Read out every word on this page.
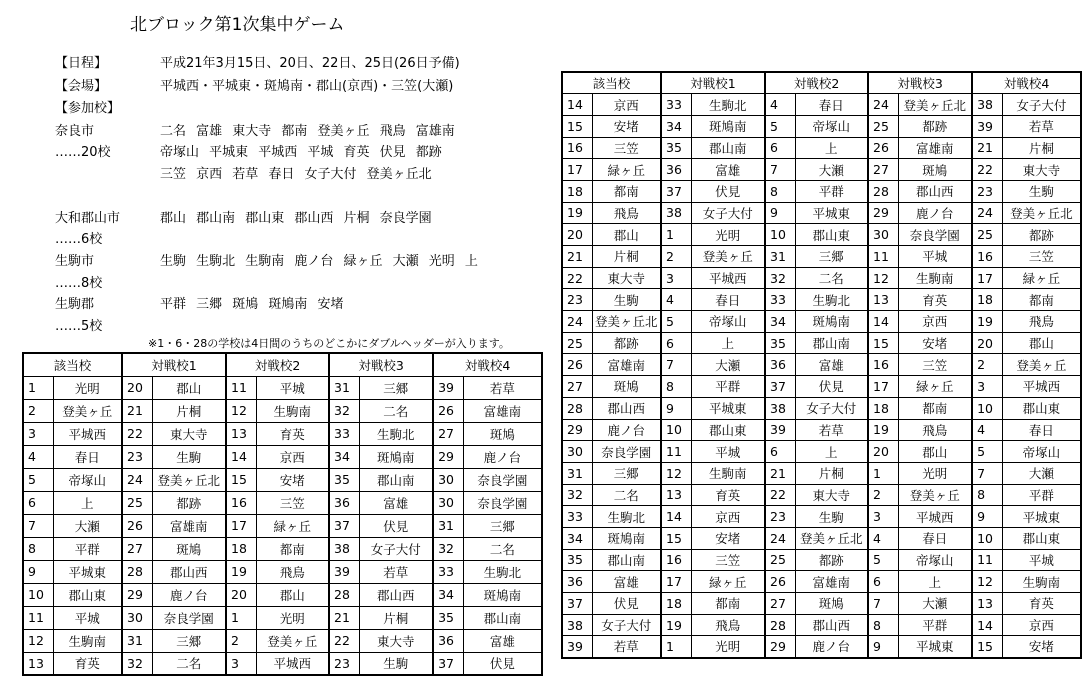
北ブロック第1次集中ゲーム
【日程】	平成21年3月15日、20日、22日、25日(26日予備)
【会場】	平城西・平城東・斑鳩南・郡山(京西)・三笠(大瀬)
【参加校】
奈良市	二名 富雄 東大寺 都南 登美ヶ丘 飛鳥 富雄南
……20校	帝塚山 平城東 平城西 平城 育英 伏見 都跡
三笠 京西 若草 春日 女子大付 登美ヶ丘北
大和郡山市	郡山 郡山南 郡山東 郡山西 片桐 奈良学園
……6校
生駒市	生駒 生駒北 生駒南 鹿ノ台 緑ヶ丘 大瀬 光明 上
……8校
生駒郡	平群 三郷 斑鳩 斑鳩南 安堵
……5校
※1・6・28の学校は4日間のうちのどこかにダブルヘッダーが入ります。
該当校		対戦校1		対戦校2		対戦校3		対戦校4	
1	光明	20	郡山	11	平城	31	三郷	39	若草
2	登美ヶ丘	21	片桐	12	生駒南	32	二名	26	富雄南
3	平城西	22	東大寺	13	育英	33	生駒北	27	斑鳩
4	春日	23	生駒	14	京西	34	斑鳩南	29	鹿ノ台
5	帝塚山	24	登美ヶ丘北	15	安堵	35	郡山南	30	奈良学園
6	上	25	都跡	16	三笠	36	富雄	30	奈良学園
7	大瀬	26	富雄南	17	緑ヶ丘	37	伏見	31	三郷
8	平群	27	斑鳩	18	都南	38	女子大付	32	二名
9	平城東	28	郡山西	19	飛鳥	39	若草	33	生駒北
10	郡山東	29	鹿ノ台	20	郡山	28	郡山西	34	斑鳩南
11	平城	30	奈良学園	1	光明	21	片桐	35	郡山南
12	生駒南	31	三郷	2	登美ヶ丘	22	東大寺	36	富雄
13	育英	32	二名	3	平城西	23	生駒	37	伏見
該当校		対戦校1		対戦校2		対戦校3		対戦校4	
14	京西	33	生駒北	4	春日	24	登美ヶ丘北	38	女子大付
15	安堵	34	斑鳩南	5	帝塚山	25	都跡	39	若草
16	三笠	35	郡山南	6	上	26	富雄南	21	片桐
17	緑ヶ丘	36	富雄	7	大瀬	27	斑鳩	22	東大寺
18	都南	37	伏見	8	平群	28	郡山西	23	生駒
19	飛鳥	38	女子大付	9	平城東	29	鹿ノ台	24	登美ヶ丘北
20	郡山	1	光明	10	郡山東	30	奈良学園	25	都跡
21	片桐	2	登美ヶ丘	31	三郷	11	平城	16	三笠
22	東大寺	3	平城西	32	二名	12	生駒南	17	緑ヶ丘
23	生駒	4	春日	33	生駒北	13	育英	18	都南
24	登美ヶ丘北	5	帝塚山	34	斑鳩南	14	京西	19	飛鳥
25	都跡	6	上	35	郡山南	15	安堵	20	郡山
26	富雄南	7	大瀬	36	富雄	16	三笠	2	登美ヶ丘
27	斑鳩	8	平群	37	伏見	17	緑ヶ丘	3	平城西
28	郡山西	9	平城東	38	女子大付	18	都南	10	郡山東
29	鹿ノ台	10	郡山東	39	若草	19	飛鳥	4	春日
30	奈良学園	11	平城	6	上	20	郡山	5	帝塚山
31	三郷	12	生駒南	21	片桐	1	光明	7	大瀬
32	二名	13	育英	22	東大寺	2	登美ヶ丘	8	平群
33	生駒北	14	京西	23	生駒	3	平城西	9	平城東
34	斑鳩南	15	安堵	24	登美ヶ丘北	4	春日	10	郡山東
35	郡山南	16	三笠	25	都跡	5	帝塚山	11	平城
36	富雄	17	緑ヶ丘	26	富雄南	6	上	12	生駒南
37	伏見	18	都南	27	斑鳩	7	大瀬	13	育英
38	女子大付	19	飛鳥	28	郡山西	8	平群	14	京西
39	若草	1	光明	29	鹿ノ台	9	平城東	15	安堵
